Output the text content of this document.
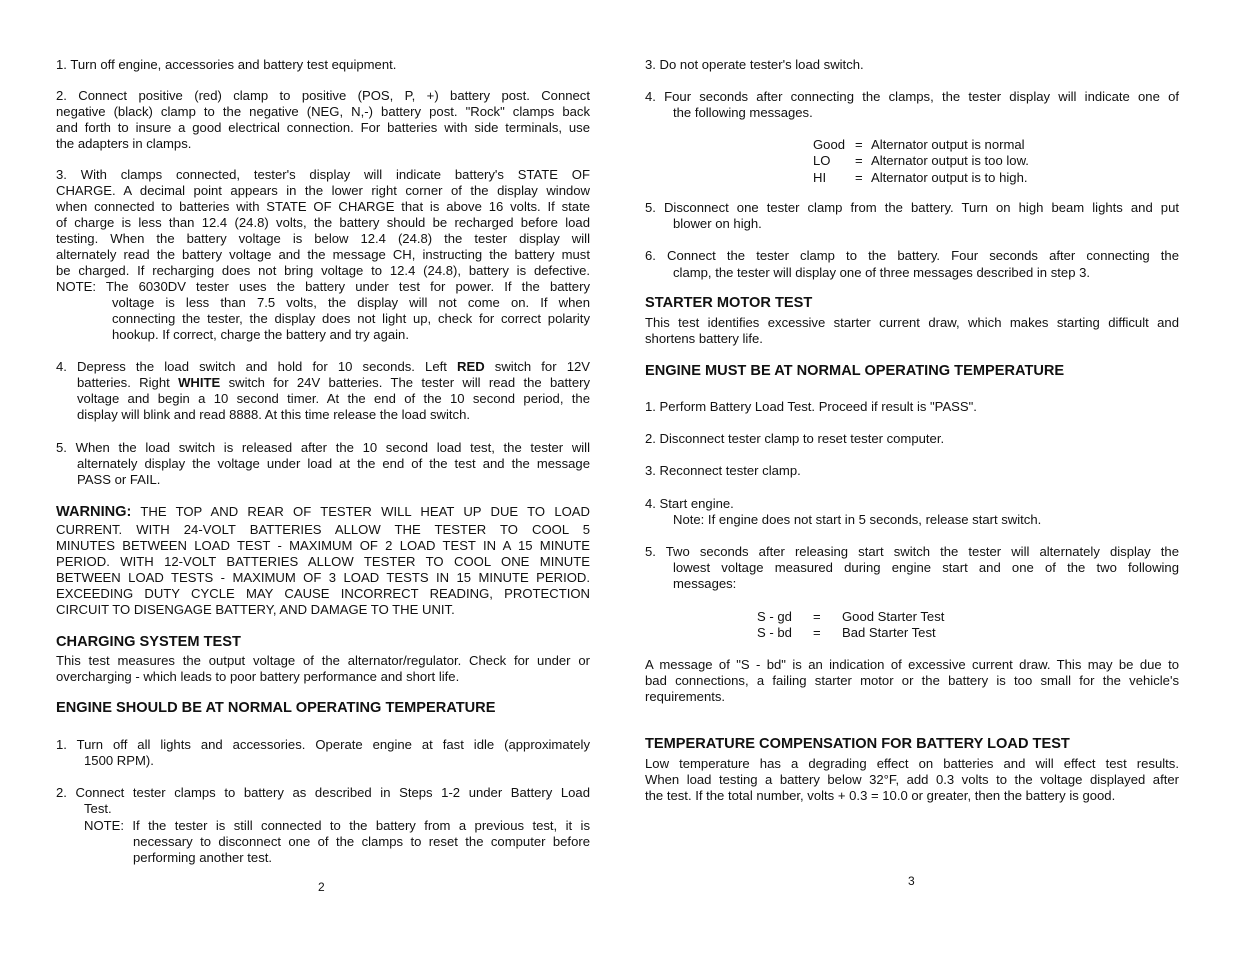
1. Turn off engine, accessories and battery test equipment.
2. Connect positive (red) clamp to positive (POS, P, +) battery post. Connect
negative (black) clamp to the negative (NEG, N,-) battery post. "Rock" clamps back
and forth to insure a good electrical connection. For batteries with side terminals, use
the adapters in clamps.
3. With clamps connected, tester's display will indicate battery's STATE OF
CHARGE. A decimal point appears in the lower right corner of the display window
when connected to batteries with STATE OF CHARGE that is above 16 volts. If state
of charge is less than 12.4 (24.8) volts, the battery should be recharged before load
testing. When the battery voltage is below 12.4 (24.8) the tester display will
alternately read the battery voltage and the message CH, instructing the battery must
be charged. If recharging does not bring voltage to 12.4 (24.8), battery is defective.
NOTE: The 6030DV tester uses the battery under test for power. If the battery
voltage is less than 7.5 volts, the display will not come on. If when
connecting the tester, the display does not light up, check for correct polarity
hookup. If correct, charge the battery and try again.
4. Depress the load switch and hold for 10 seconds. Left RED switch for 12V
batteries. Right WHITE switch for 24V batteries. The tester will read the battery
voltage and begin a 10 second timer. At the end of the 10 second period, the
display will blink and read 8888. At this time release the load switch.
5. When the load switch is released after the 10 second load test, the tester will
alternately display the voltage under load at the end of the test and the message
PASS or FAIL.
WARNING: THE TOP AND REAR OF TESTER WILL HEAT UP DUE TO LOAD
CURRENT. WITH 24-VOLT BATTERIES ALLOW THE TESTER TO COOL 5
MINUTES BETWEEN LOAD TEST - MAXIMUM OF 2 LOAD TEST IN A 15 MINUTE
PERIOD. WITH 12-VOLT BATTERIES ALLOW TESTER TO COOL ONE MINUTE
BETWEEN LOAD TESTS - MAXIMUM OF 3 LOAD TESTS IN 15 MINUTE PERIOD.
EXCEEDING DUTY CYCLE MAY CAUSE INCORRECT READING, PROTECTION
CIRCUIT TO DISENGAGE BATTERY, AND DAMAGE TO THE UNIT.
CHARGING SYSTEM TEST
This test measures the output voltage of the alternator/regulator. Check for under or
overcharging - which leads to poor battery performance and short life.
ENGINE SHOULD BE AT NORMAL OPERATING TEMPERATURE
1. Turn off all lights and accessories. Operate engine at fast idle (approximately
1500 RPM).
2. Connect tester clamps to battery as described in Steps 1-2 under Battery Load
Test.
NOTE: If the tester is still connected to the battery from a previous test, it is
necessary to disconnect one of the clamps to reset the computer before
performing another test.
2
3. Do not operate tester's load switch.
4. Four seconds after connecting the clamps, the tester display will indicate one of
the following messages.
Good = Alternator output is normal
LO = Alternator output is too low.
HI = Alternator output is to high.
5. Disconnect one tester clamp from the battery. Turn on high beam lights and put
blower on high.
6. Connect the tester clamp to the battery. Four seconds after connecting the
clamp, the tester will display one of three messages described in step 3.
STARTER MOTOR TEST
This test identifies excessive starter current draw, which makes starting difficult and
shortens battery life.
ENGINE MUST BE AT NORMAL OPERATING TEMPERATURE
1. Perform Battery Load Test. Proceed if result is "PASS".
2. Disconnect tester clamp to reset tester computer.
3. Reconnect tester clamp.
4. Start engine.
Note: If engine does not start in 5 seconds, release start switch.
5. Two seconds after releasing start switch the tester will alternately display the
lowest voltage measured during engine start and one of the two following
messages:
S - gd = Good Starter Test
S - bd = Bad Starter Test
A message of "S - bd" is an indication of excessive current draw. This may be due to
bad connections, a failing starter motor or the battery is too small for the vehicle's
requirements.
TEMPERATURE COMPENSATION FOR BATTERY LOAD TEST
Low temperature has a degrading effect on batteries and will effect test results.
When load testing a battery below 32°F, add 0.3 volts to the voltage displayed after
the test. If the total number, volts + 0.3 = 10.0 or greater, then the battery is good.
3
